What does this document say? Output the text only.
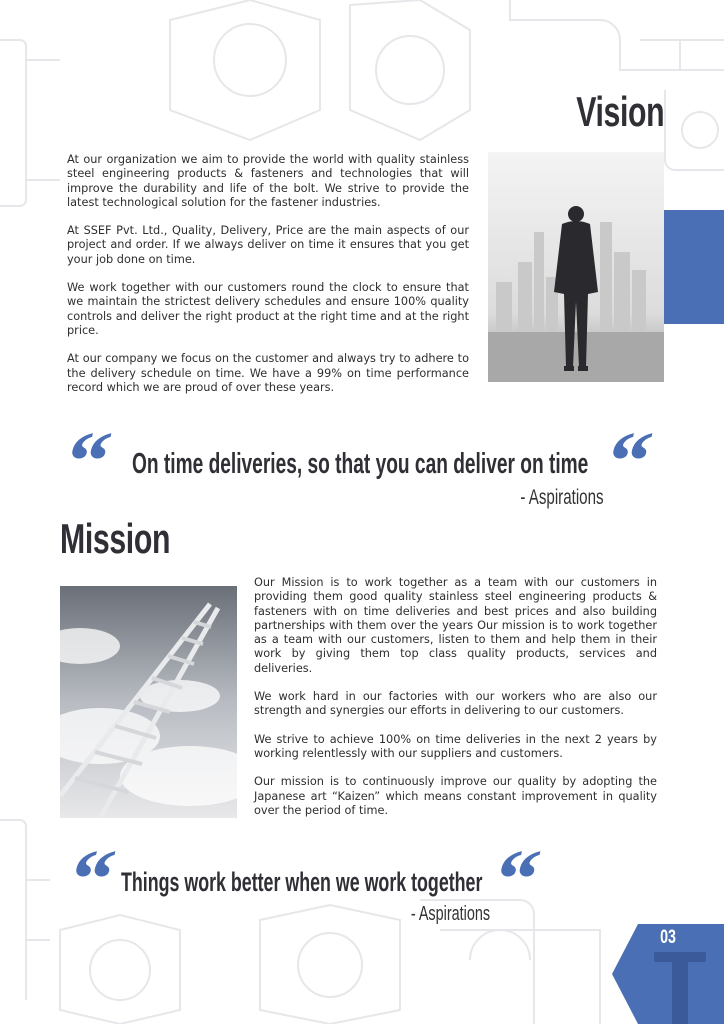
Vision

At our organization we aim to provide the world with quality stainless steel engineering products & fasteners and technologies that will improve the durability and life of the bolt. We strive to provide the latest technological solution for the fastener industries.

At SSEF Pvt. Ltd., Quality, Delivery, Price are the main aspects of our project and order. If we always deliver on time it ensures that you get your job done on time.

We work together with our customers round the clock to ensure that we maintain the strictest delivery schedules and ensure 100% quality controls and deliver the right product at the right time and at the right price.

At our company we focus on the customer and always try to adhere to the delivery schedule on time. We have a 99% on time performance record which we are proud of over these years.

“ On time deliveries, so that you can deliver on time “

- Aspirations

Mission

Our Mission is to work together as a team with our customers in providing them good quality stainless steel engineering products & fasteners with on time deliveries and best prices and also building partnerships with them over the years Our mission is to work together as a team with our customers, listen to them and help them in their work by giving them top class quality products, services and deliveries.

We work hard in our factories with our workers who are also our strength and synergies our efforts in delivering to our customers.

We strive to achieve 100% on time deliveries in the next 2 years by working relentlessly with our suppliers and customers.

Our mission is to continuously improve our quality by adopting the Japanese art “Kaizen” which means constant improvement in quality over the period of time.

“ Things work better when we work together “

- Aspirations

03
